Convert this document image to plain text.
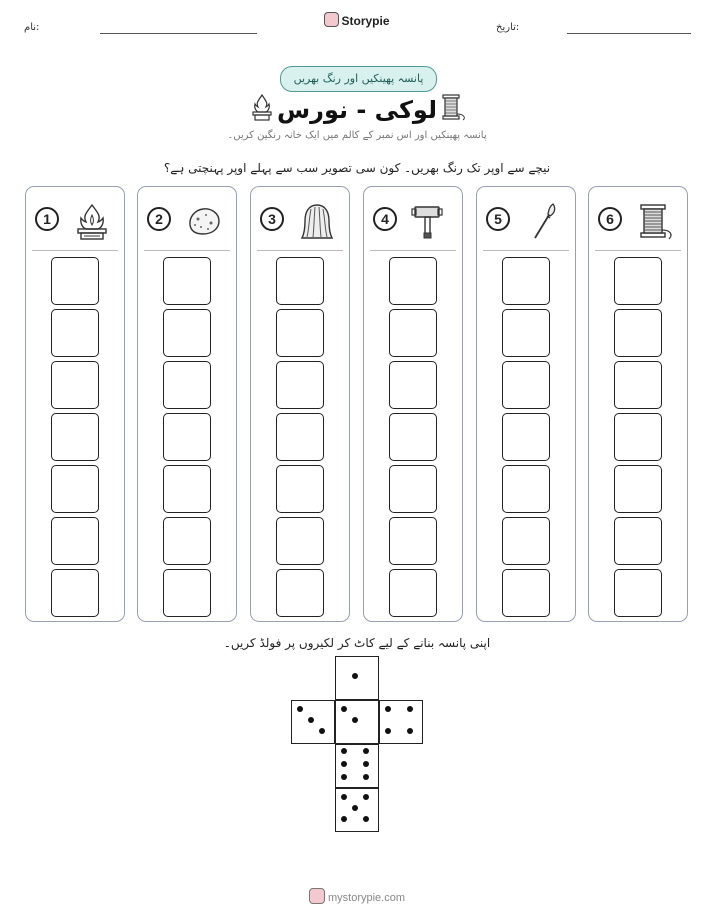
نام:	Storypie	تاریخ:
پانسہ پھینکیں اور رنگ بھریں
لوکی - نورس
پانسہ پھینکیں اور اس نمبر کے کالم میں ایک خانہ رنگین کریں۔
نیچے سے اوپر تک رنگ بھریں۔ کون سی تصویر سب سے پہلے اوپر پہنچتی ہے؟
1	2	3	4	5	6
اپنی پانسہ بنانے کے لیے کاٹ کر لکیروں پر فولڈ کریں۔
mystorypie.com
